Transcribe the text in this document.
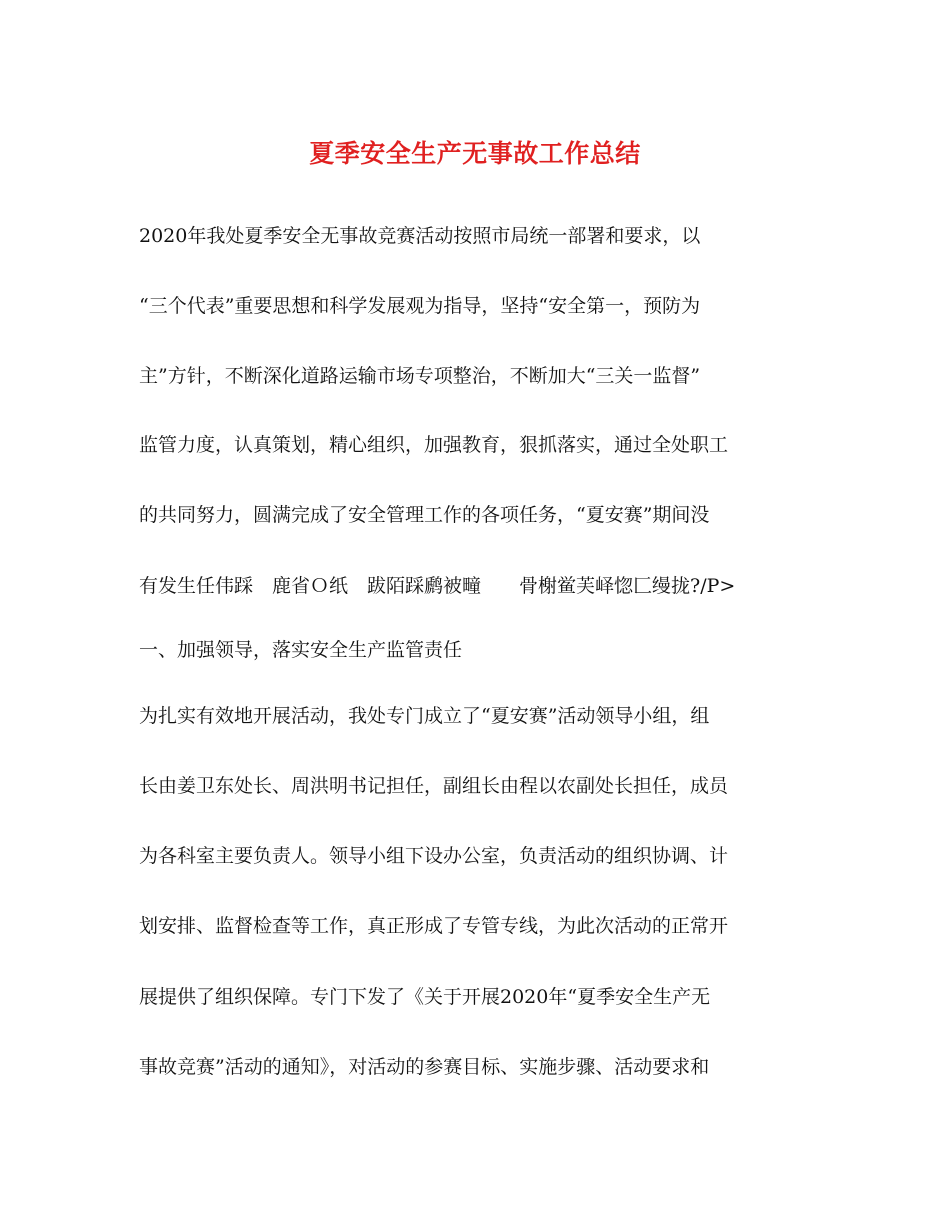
夏季安全生产无事故工作总结
2020年我处夏季安全无事故竞赛活动按照市局统一部署和要求，以
“三个代表”重要思想和科学发展观为指导，坚持“安全第一，预防为
主”方针，不断深化道路运输市场专项整治，不断加大“三关一监督”
监管力度，认真策划，精心组织，加强教育，狠抓落实，通过全处职工
的共同努力，圆满完成了安全管理工作的各项任务，“夏安赛”期间没
有发生任伟踩　鹿省Ｏ纸　跋陌踩䴘被疃　　骨榭鲎芙峄惚匚缦拢?/P>
一、加强领导，落实安全生产监管责任
为扎实有效地开展活动，我处专门成立了“夏安赛”活动领导小组，组
长由姜卫东处长、周洪明书记担任，副组长由程以农副处长担任，成员
为各科室主要负责人。领导小组下设办公室，负责活动的组织协调、计
划安排、监督检查等工作，真正形成了专管专线，为此次活动的正常开
展提供了组织保障。专门下发了《关于开展2020年“夏季安全生产无
事故竞赛”活动的通知》，对活动的参赛目标、实施步骤、活动要求和
